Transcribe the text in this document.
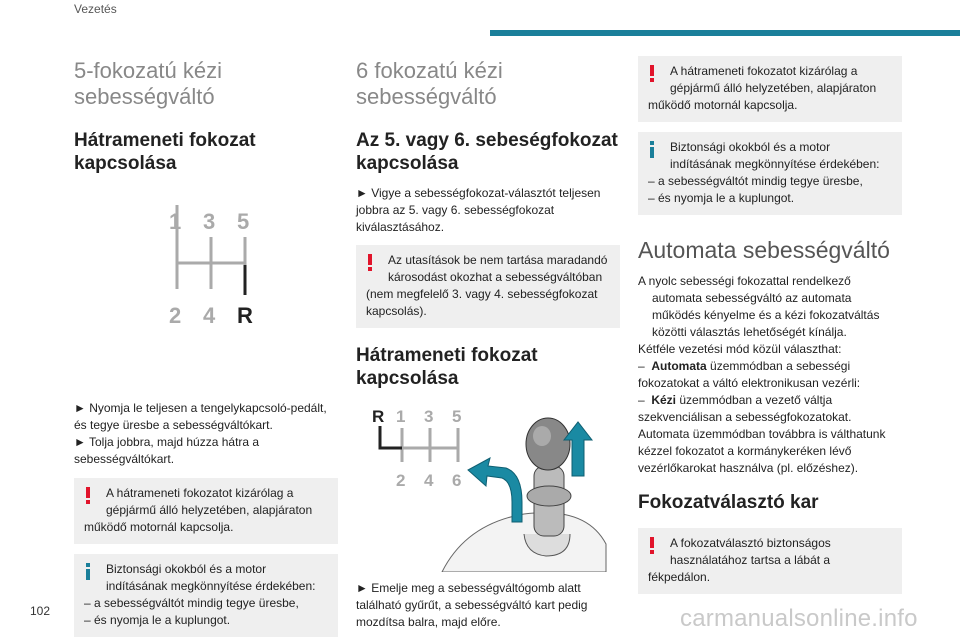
Vezetés
102	carmanualsonline.info
5-fokozatú kézi sebességváltó
Hátrameneti fokozat kapcsolása
1 3 5
2 4 R
► Nyomja le teljesen a tengelykapcsoló-pedált, és tegye üresbe a sebességváltókart.
► Tolja jobbra, majd húzza hátra a sebességváltókart.
A hátrameneti fokozatot kizárólag a gépjármű álló helyzetében, alapjáraton
működő motornál kapcsolja.
Biztonsági okokból és a motor indításának megkönnyítése érdekében:
– a sebességváltót mindig tegye üresbe,
– és nyomja le a kuplungot.
6 fokozatú kézi sebességváltó
Az 5. vagy 6. sebeségfokozat kapcsolása
► Vigye a sebességfokozat-választót teljesen jobbra az 5. vagy 6. sebességfokozat kiválasztásához.
Az utasítások be nem tartása maradandó károsodást okozhat a sebességváltóban
(nem megfelelő 3. vagy 4. sebességfokozat kapcsolás).
Hátrameneti fokozat kapcsolása
R 1 3 5
2 4 6
► Emelje meg a sebességváltógomb alatt található gyűrűt, a sebességváltó kart pedig mozdítsa balra, majd előre.
A hátrameneti fokozatot kizárólag a gépjármű álló helyzetében, alapjáraton
működő motornál kapcsolja.
Biztonsági okokból és a motor indításának megkönnyítése érdekében:
– a sebességváltót mindig tegye üresbe,
– és nyomja le a kuplungot.
Automata sebességváltó
A nyolc sebességi fokozattal rendelkező automata sebességváltó az automata működés kényelme és a kézi fokozatváltás közötti választás lehetőségét kínálja.
Kétféle vezetési mód közül választhat:
–  Automata üzemmódban a sebességi fokozatokat a váltó elektronikusan vezérli:
–  Kézi üzemmódban a vezető váltja szekvenciálisan a sebességfokozatokat.
Automata üzemmódban továbbra is válthatunk kézzel fokozatot a kormánykeréken lévő vezérlőkarokat használva (pl. előzéshez).
Fokozatválasztó kar
A fokozatválasztó biztonságos használatához tartsa a lábát a
fékpedálon.
